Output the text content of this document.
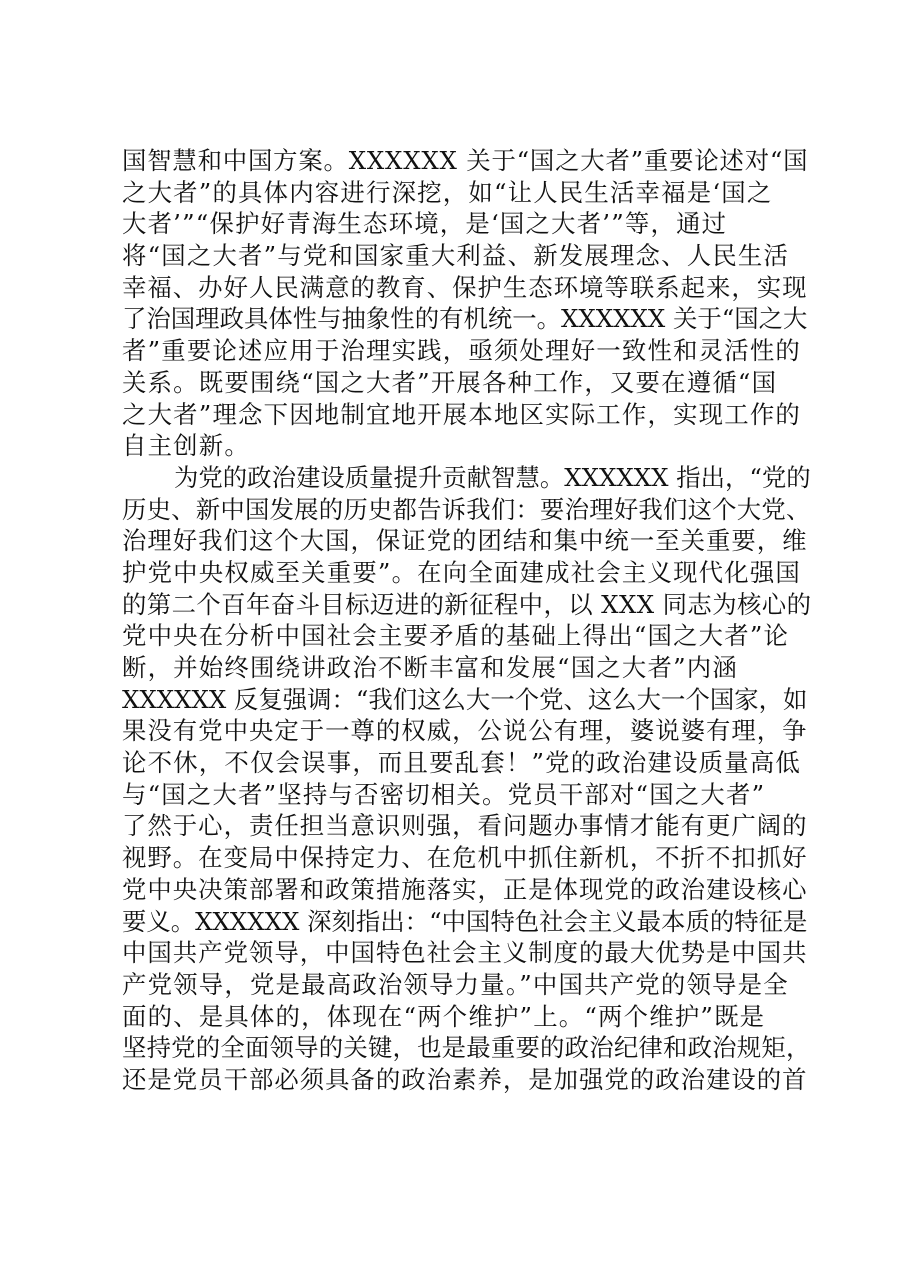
国智慧和中国方案。XXXXXX 关于“国之大者”重要论述对“国
之大者”的具体内容进行深挖，如“让人民生活幸福是‘国之
大者’”“保护好青海生态环境，是‘国之大者’”等，通过
将“国之大者”与党和国家重大利益、新发展理念、人民生活
幸福、办好人民满意的教育、保护生态环境等联系起来，实现
了治国理政具体性与抽象性的有机统一。XXXXXX 关于“国之大
者”重要论述应用于治理实践，亟须处理好一致性和灵活性的
关系。既要围绕“国之大者”开展各种工作，又要在遵循“国
之大者”理念下因地制宜地开展本地区实际工作，实现工作的
自主创新。
为党的政治建设质量提升贡献智慧。XXXXXX 指出，“党的
历史、新中国发展的历史都告诉我们：要治理好我们这个大党、
治理好我们这个大国，保证党的团结和集中统一至关重要，维
护党中央权威至关重要”。在向全面建成社会主义现代化强国
的第二个百年奋斗目标迈进的新征程中，以 XXX 同志为核心的
党中央在分析中国社会主要矛盾的基础上得出“国之大者”论
断，并始终围绕讲政治不断丰富和发展“国之大者”内涵
XXXXXX 反复强调：“我们这么大一个党、这么大一个国家，如
果没有党中央定于一尊的权威，公说公有理，婆说婆有理，争
论不休，不仅会误事，而且要乱套！”党的政治建设质量高低
与“国之大者”坚持与否密切相关。党员干部对“国之大者”
了然于心，责任担当意识则强，看问题办事情才能有更广阔的
视野。在变局中保持定力、在危机中抓住新机，不折不扣抓好
党中央决策部署和政策措施落实，正是体现党的政治建设核心
要义。XXXXXX 深刻指出：“中国特色社会主义最本质的特征是
中国共产党领导，中国特色社会主义制度的最大优势是中国共
产党领导，党是最高政治领导力量。”中国共产党的领导是全
面的、是具体的，体现在“两个维护”上。“两个维护”既是
坚持党的全面领导的关键，也是最重要的政治纪律和政治规矩，
还是党员干部必须具备的政治素养，是加强党的政治建设的首
